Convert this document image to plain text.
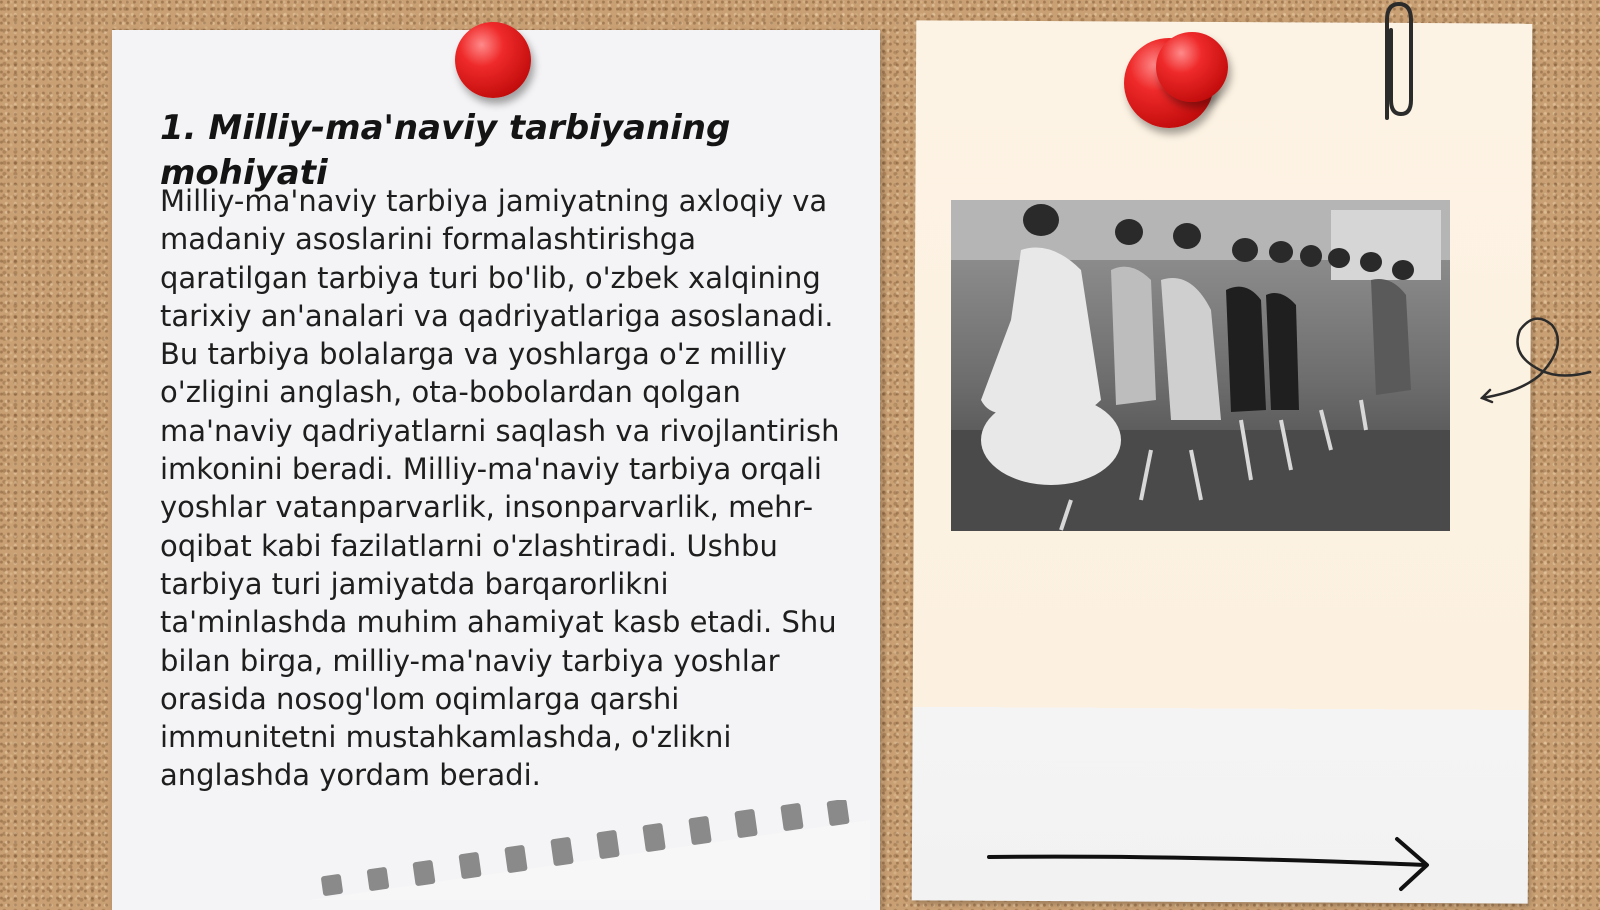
1. Milliy-ma'naviy tarbiyaning mohiyati

Milliy-ma'naviy tarbiya jamiyatning axloqiy va madaniy asoslarini formalashtirishga qaratilgan tarbiya turi bo'lib, o'zbek xalqining tarixiy an'analari va qadriyatlariga asoslanadi. Bu tarbiya bolalarga va yoshlarga o'z milliy o'zligini anglash, ota-bobolardan qolgan ma'naviy qadriyatlarni saqlash va rivojlantirish imkonini beradi. Milliy-ma'naviy tarbiya orqali yoshlar vatanparvarlik, insonparvarlik, mehr-oqibat kabi fazilatlarni o'zlashtiradi. Ushbu tarbiya turi jamiyatda barqarorlikni ta'minlashda muhim ahamiyat kasb etadi. Shu bilan birga, milliy-ma'naviy tarbiya yoshlar orasida nosog'lom oqimlarga qarshi immunitetni mustahkamlashda, o'zlikni anglashda yordam beradi.
